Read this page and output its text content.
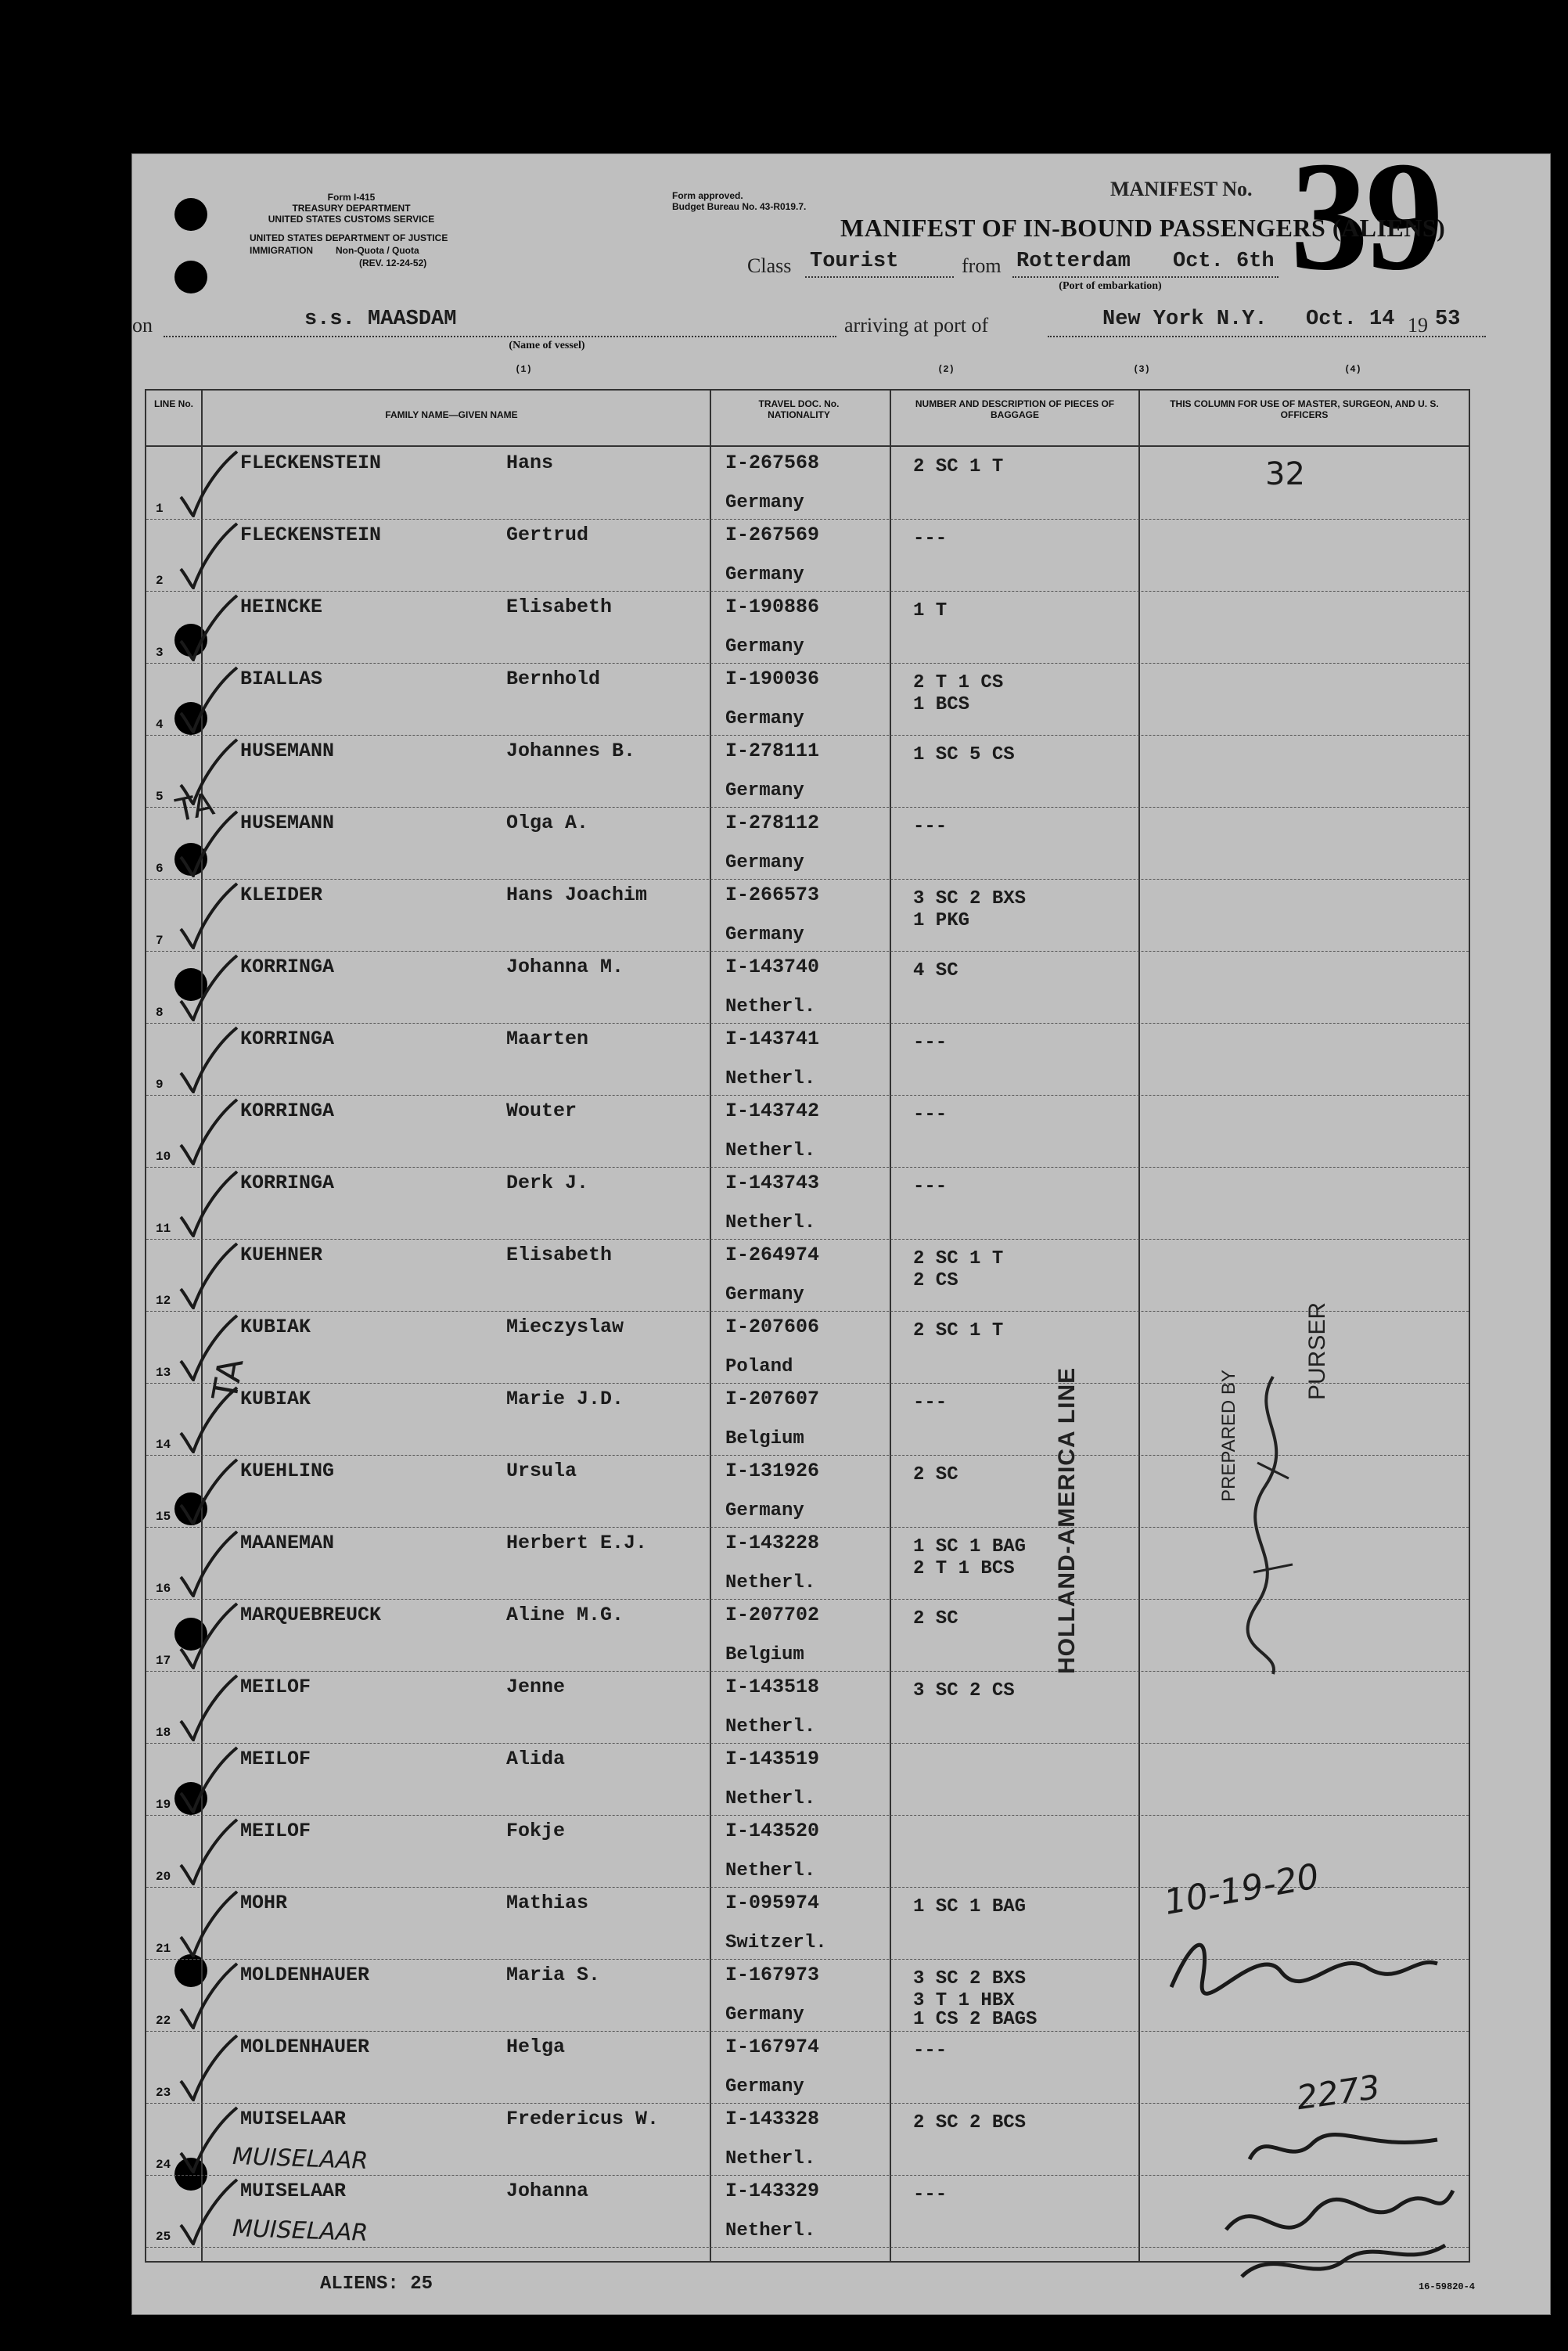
Form I-415
TREASURY DEPARTMENT
UNITED STATES CUSTOMS SERVICE
UNITED STATES DEPARTMENT OF JUSTICE
IMMIGRATION	Non-Quota / Quota
(REV. 12-24-52)
Form approved.
Budget Bureau No. 43-R019.7.
MANIFEST No. 39
MANIFEST OF IN-BOUND PASSENGERS (ALIENS)
Class Tourist	from Rotterdam Oct. 6th
(Port of embarkation)
on	s.s. MAASDAM
(Name of vessel)
arriving at port of	New York N.Y. Oct. 14 19 53
(1)	(2)	(3)	(4)
LINE No.
FAMILY NAME—GIVEN NAME
TRAVEL DOC. No. NATIONALITY
NUMBER AND DESCRIPTION OF PIECES OF BAGGAGE
THIS COLUMN FOR USE OF MASTER, SURGEON, AND U. S. OFFICERS
1
FLECKENSTEIN	Hans	I-267568
Germany
2 SC 1 T	32
2
FLECKENSTEIN	Gertrud	I-267569
Germany
---
3
HEINCKE	Elisabeth	I-190886
Germany
1 T
4
BIALLAS	Bernhold	I-190036
Germany
2 T 1 CS
1 BCS
5
HUSEMANN	Johannes B.	I-278111
Germany
1 SC 5 CS
6
HUSEMANN	Olga A.	I-278112
Germany
---
7
KLEIDER	Hans Joachim	I-266573
Germany
3 SC 2 BXS
1 PKG
8
KORRINGA	Johanna M.	I-143740
Netherl.
4 SC
9
KORRINGA	Maarten	I-143741
Netherl.
---
10
KORRINGA	Wouter	I-143742
Netherl.
---
11
KORRINGA	Derk J.	I-143743
Netherl.
---
12
KUEHNER	Elisabeth	I-264974
Germany
2 SC 1 T
2 CS
13
KUBIAK	Mieczyslaw	I-207606
Poland
2 SC 1 T
14
KUBIAK	Marie J.D.	I-207607
Belgium
---
15
KUEHLING	Ursula	I-131926
Germany
2 SC
16
MAANEMAN	Herbert E.J.	I-143228
Netherl.
1 SC 1 BAG
2 T 1 BCS
17
MARQUEBREUCK	Aline M.G.	I-207702
Belgium
2 SC
18
MEILOF	Jenne	I-143518
Netherl.
3 SC 2 CS
19
MEILOF	Alida	I-143519
Netherl.
20
MEILOF	Fokje	I-143520
Netherl.
21
MOHR	Mathias	I-095974
Switzerl.
1 SC 1 BAG
22
MOLDENHAUER	Maria S.	I-167973
Germany
3 SC 2 BXS
3 T 1 HBX
1 CS 2 BAGS
23
MOLDENHAUER	Helga	I-167974
Germany
---
24
MUISELAAR	Fredericus W.	I-143328
Netherl.
2 SC 2 BCS
MUISELAAR
25
MUISELAAR	Johanna	I-143329
Netherl.
---
MUISELAAR
HOLLAND-AMERICA LINE	PREPARED BY
PURSER
10-19-20
2273
TA
TA
ALIENS: 25	16-59820-4
